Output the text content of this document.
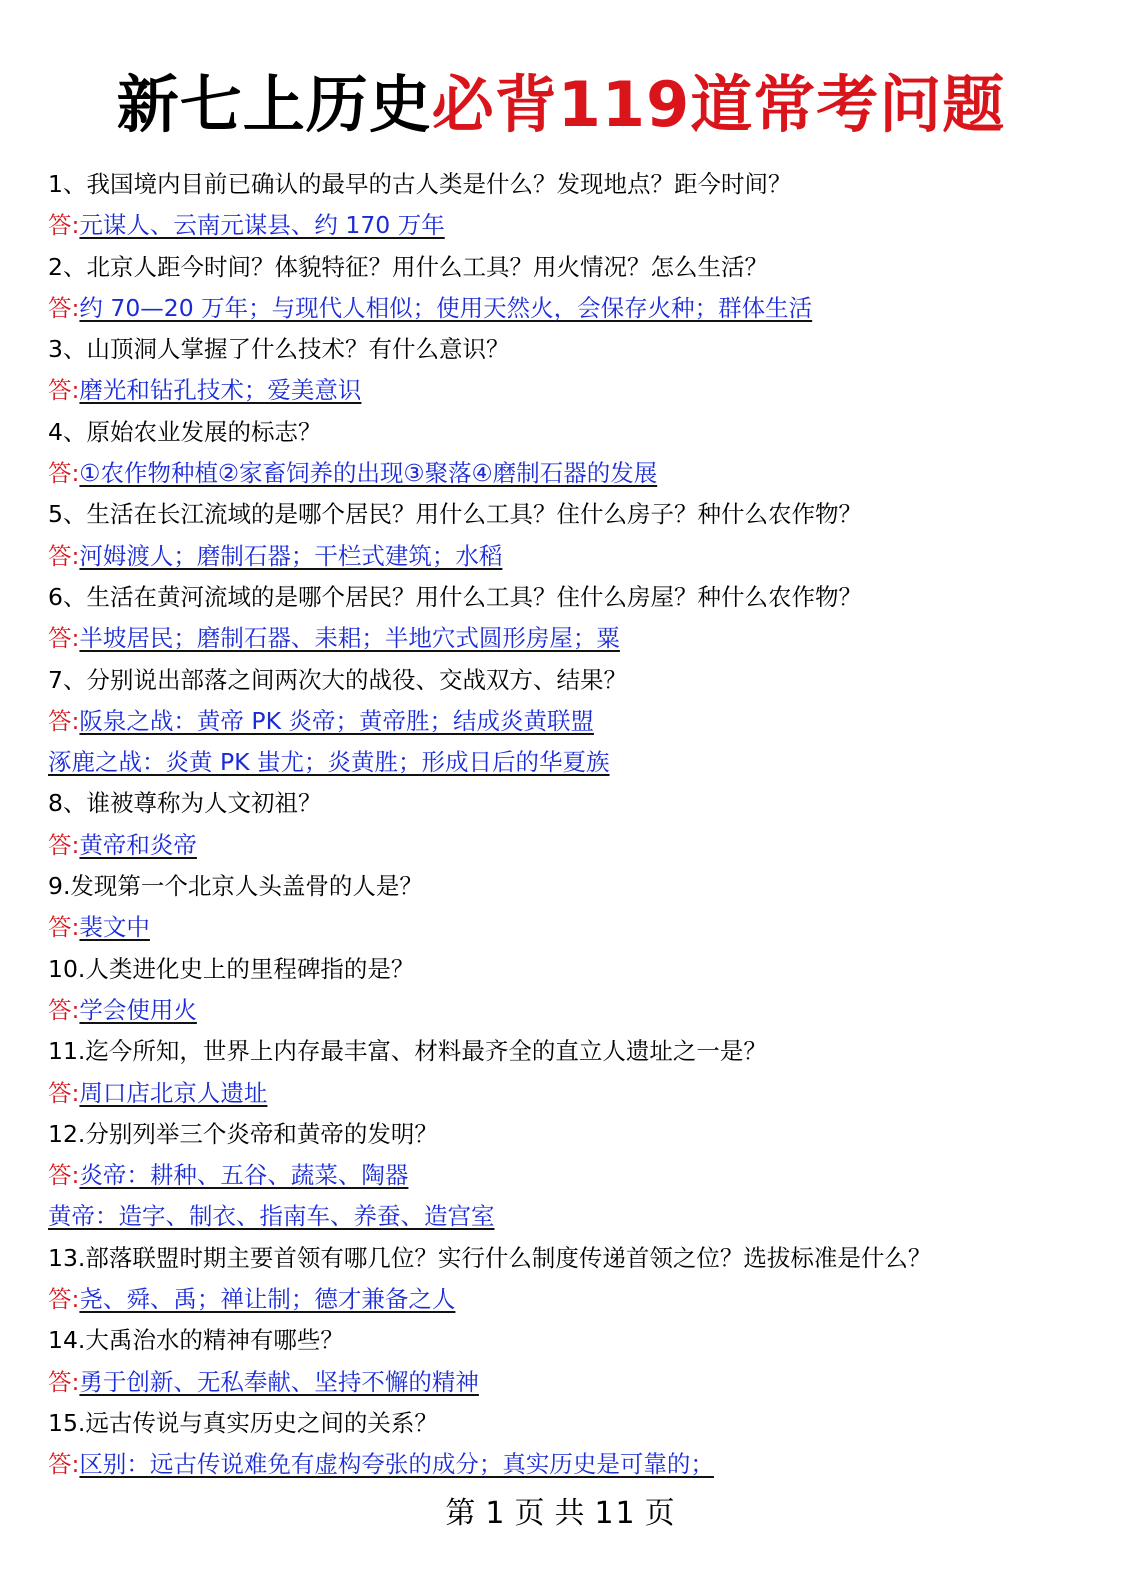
新七上历史必背119道常考问题
1、我国境内目前已确认的最早的古人类是什么？发现地点？距今时间？
答:元谋人、云南元谋县、约 170 万年
2、北京人距今时间？体貌特征？用什么工具？用火情况？怎么生活？
答:约 70—20 万年；与现代人相似；使用天然火，会保存火种；群体生活
3、山顶洞人掌握了什么技术？有什么意识？
答:磨光和钻孔技术；爱美意识
4、原始农业发展的标志？
答:①农作物种植②家畜饲养的出现③聚落④磨制石器的发展
5、生活在长江流域的是哪个居民？用什么工具？住什么房子？种什么农作物？
答:河姆渡人；磨制石器；干栏式建筑；水稻
6、生活在黄河流域的是哪个居民？用什么工具？住什么房屋？种什么农作物？
答:半坡居民；磨制石器、耒耜；半地穴式圆形房屋；粟
7、分别说出部落之间两次大的战役、交战双方、结果？
答:阪泉之战：黄帝 PK 炎帝；黄帝胜；结成炎黄联盟
涿鹿之战：炎黄 PK 蚩尤；炎黄胜；形成日后的华夏族
8、谁被尊称为人文初祖？
答:黄帝和炎帝
9.发现第一个北京人头盖骨的人是？
答:裴文中
10.人类进化史上的里程碑指的是？
答:学会使用火
11.迄今所知，世界上内存最丰富、材料最齐全的直立人遗址之一是？
答:周口店北京人遗址
12.分别列举三个炎帝和黄帝的发明？
答:炎帝：耕种、五谷、蔬菜、陶器
黄帝：造字、制衣、指南车、养蚕、造宫室
13.部落联盟时期主要首领有哪几位？实行什么制度传递首领之位？选拔标准是什么？
答:尧、舜、禹；禅让制；德才兼备之人
14.大禹治水的精神有哪些？
答:勇于创新、无私奉献、坚持不懈的精神
15.远古传说与真实历史之间的关系？
答:区别：远古传说难免有虚构夸张的成分；真实历史是可靠的；
第 1 页 共 11 页
